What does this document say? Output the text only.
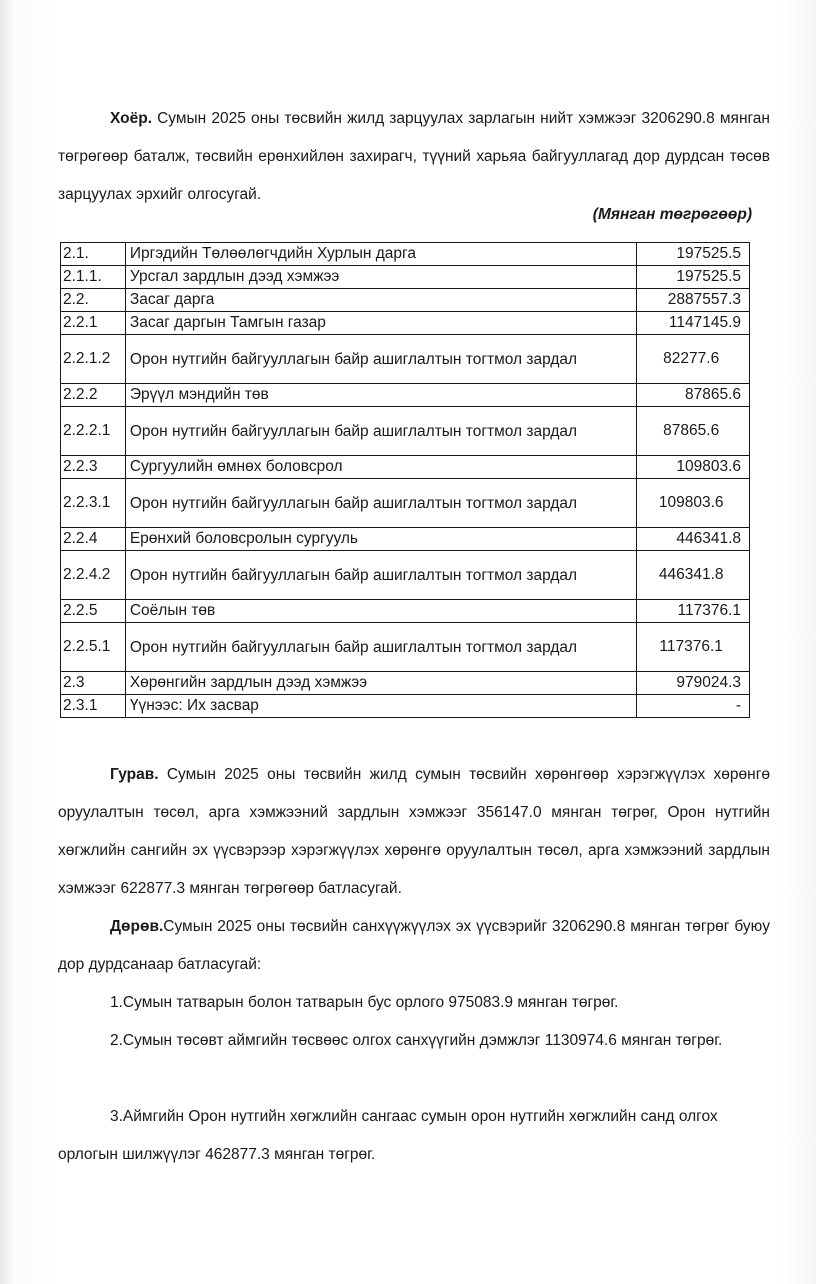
Хоёр. Сумын 2025 оны төсвийн жилд зарцуулах зарлагын нийт хэмжээг 3206290.8 мянган төгрөгөөр баталж, төсвийн ерөнхийлөн захирагч, түүний харьяа байгууллагад дор дурдсан төсөв зарцуулах эрхийг олгосугай.

(Мянган төгрөгөөр)
2.1.	Иргэдийн Төлөөлөгчдийн Хурлын дарга	197525.5
2.1.1.	Урсгал зардлын дээд хэмжээ	197525.5
2.2.	Засаг дарга	2887557.3
2.2.1	Засаг даргын Тамгын газар	1147145.9
2.2.1.2	Орон нутгийн байгууллагын байр ашиглалтын тогтмол зардал	82277.6
2.2.2	Эрүүл мэндийн төв	87865.6
2.2.2.1	Орон нутгийн байгууллагын байр ашиглалтын тогтмол зардал	87865.6
2.2.3	Сургуулийн өмнөх боловсрол	109803.6
2.2.3.1	Орон нутгийн байгууллагын байр ашиглалтын тогтмол зардал	109803.6
2.2.4	Ерөнхий боловсролын сургууль	446341.8
2.2.4.2	Орон нутгийн байгууллагын байр ашиглалтын тогтмол зардал	446341.8
2.2.5	Соёлын төв	117376.1
2.2.5.1	Орон нутгийн байгууллагын байр ашиглалтын тогтмол зардал	117376.1
2.3	Хөрөнгийн зардлын дээд хэмжээ	979024.3
2.3.1	Үүнээс: Их засвар	-

Гурав. Сумын 2025 оны төсвийн жилд сумын төсвийн хөрөнгөөр хэрэгжүүлэх хөрөнгө оруулалтын төсөл, арга хэмжээний зардлын хэмжээг 356147.0 мянган төгрөг, Орон нутгийн хөгжлийн сангийн эх үүсвэрээр хэрэгжүүлэх хөрөнгө оруулалтын төсөл, арга хэмжээний зардлын хэмжээг 622877.3 мянган төгрөгөөр батлaсугай.

Дөрөв.Сумын 2025 оны төсвийн санхүүжүүлэх эх үүсвэрийг 3206290.8 мянган төгрөг буюу дор дурдсанаар батлaсугай:

1.Сумын татварын болон татварын бус орлого 975083.9 мянган төгрөг.

2.Сумын төсөвт аймгийн төсвөөс олгох санхүүгийн дэмжлэг 1130974.6 мянган төгрөг.

3.Аймгийн Орон нутгийн хөгжлийн сангаас сумын орон нутгийн хөгжлийн санд олгох орлогын шилжүүлэг 462877.3 мянган төгрөг.
